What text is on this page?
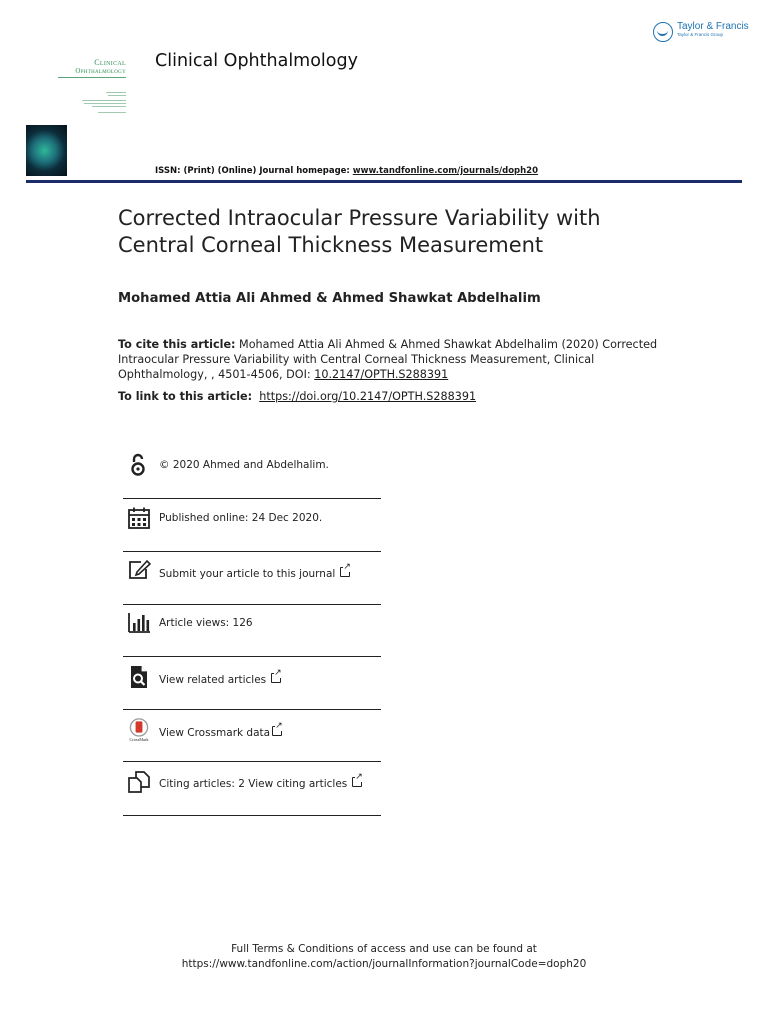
Taylor & Francis
Taylor & Francis Group
Clinical
Ophthalmology
Clinical Ophthalmology
ISSN: (Print) (Online) Journal homepage: www.tandfonline.com/journals/doph20
Corrected Intraocular Pressure Variability with Central Corneal Thickness Measurement
Mohamed Attia Ali Ahmed & Ahmed Shawkat Abdelhalim
To cite this article: Mohamed Attia Ali Ahmed & Ahmed Shawkat Abdelhalim (2020) Corrected Intraocular Pressure Variability with Central Corneal Thickness Measurement, Clinical Ophthalmology, , 4501-4506, DOI: 10.2147/OPTH.S288391
To link to this article: https://doi.org/10.2147/OPTH.S288391
© 2020 Ahmed and Abdelhalim.
Published online: 24 Dec 2020.
Submit your article to this journal↗
Article views: 126
View related articles↗
CrossMark
View Crossmark data↗
Citing articles: 2 View citing articles↗
Full Terms & Conditions of access and use can be found at
https://www.tandfonline.com/action/journalInformation?journalCode=doph20
